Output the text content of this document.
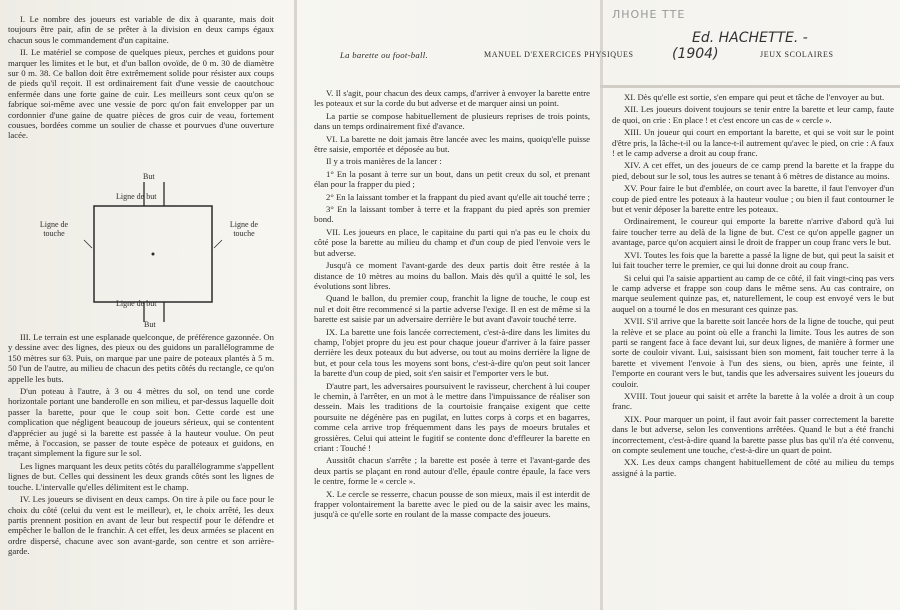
La barette ou foot-ball.	MANUEL D'EXERCICES PHYSIQUES	JEUX SCOLAIRES
ЛНОНЕ ТТЕ
Ed. HACHETTE. -
(1904)

I. Le nombre des joueurs est variable de dix à quarante, mais doit toujours être pair, afin de se prêter à la division en deux camps égaux chacun sous le commandement d'un capitaine.

II. Le matériel se compose de quelques pieux, perches et guidons pour marquer les limites et le but, et d'un ballon ovoïde, de 0 m. 30 de diamètre sur 0 m. 38. Ce ballon doit être extrêmement solide pour résister aux coups de pieds qu'il reçoit. Il est ordinairement fait d'une vessie de caoutchouc enfermée dans une forte gaine de cuir. Les meilleurs sont ceux qu'on se fabrique soi-même avec une vessie de porc qu'on fait envelopper par un cordonnier d'une gaine de quatre pièces de gros cuir de veau, fortement cousues, bordées comme un soulier de chasse et pourvues d'une ouverture lacée.

But
Ligne de but
Ligne de touche
Ligne de touche
Ligne de but
But

III. Le terrain est une esplanade quelconque, de préférence gazonnée. On y dessine avec des lignes, des pieux ou des guidons un parallélogramme de 150 mètres sur 63. Puis, on marque par une paire de poteaux plantés à 5 m. 50 l'un de l'autre, au milieu de chacun des petits côtés du rectangle, ce qu'on appelle les buts.

D'un poteau à l'autre, à 3 ou 4 mètres du sol, on tend une corde horizontale portant une banderolle en son milieu, et par-dessus laquelle doit passer la barette, pour que le coup soit bon. Cette corde est une complication que négligent beaucoup de joueurs sérieux, qui se contentent d'apprécier au jugé si la barette est passée à la hauteur voulue. On peut même, à l'occasion, se passer de toute espèce de poteaux et guidons, en traçant simplement la figure sur le sol.

Les lignes marquant les deux petits côtés du parallélogramme s'appellent lignes de but. Celles qui dessinent les deux grands côtés sont les lignes de touche. L'intervalle qu'elles délimitent est le champ.

IV. Les joueurs se divisent en deux camps. On tire à pile ou face pour le choix du côté (celui du vent est le meilleur), et, le choix arrêté, les deux partis prennent position en avant de leur but respectif pour le défendre et empêcher le ballon de le franchir. A cet effet, les deux armées se placent en ordre dispersé, chacune avec son avant-garde, son centre et son arrière-garde.

V. Il s'agit, pour chacun des deux camps, d'arriver à envoyer la barette entre les poteaux et sur la corde du but adverse et de marquer ainsi un point.

La partie se compose habituellement de plusieurs reprises de trois points, dans un temps ordinairement fixé d'avance.

VI. La barette ne doit jamais être lancée avec les mains, quoiqu'elle puisse être saisie, emportée et déposée au but.

Il y a trois manières de la lancer :

1° En la posant à terre sur un bout, dans un petit creux du sol, et prenant élan pour la frapper du pied ;

2° En la laissant tomber et la frappant du pied avant qu'elle ait touché terre ;

3° En la laissant tomber à terre et la frappant du pied après son premier bond.

VII. Les joueurs en place, le capitaine du parti qui n'a pas eu le choix du côté pose la barette au milieu du champ et d'un coup de pied l'envoie vers le but adverse.

Jusqu'à ce moment l'avant-garde des deux partis doit être restée à la distance de 10 mètres au moins du ballon. Mais dès qu'il a quitté le sol, les évolutions sont libres.

Quand le ballon, du premier coup, franchit la ligne de touche, le coup est nul et doit être recommencé si la partie adverse l'exige. Il en est de même si la barette est saisie par un adversaire derrière le but avant d'avoir touché terre.

IX. La barette une fois lancée correctement, c'est-à-dire dans les limites du champ, l'objet propre du jeu est pour chaque joueur d'arriver à la faire passer derrière les deux poteaux du but adverse, ou tout au moins derrière la ligne de but, et pour cela tous les moyens sont bons, c'est-à-dire qu'on peut soit lancer la barette d'un coup de pied, soit s'en saisir et l'emporter vers le but.

D'autre part, les adversaires poursuivent le ravisseur, cherchent à lui couper le chemin, à l'arrêter, en un mot à le mettre dans l'impuissance de réaliser son dessein. Mais les traditions de la courtoisie française exigent que cette poursuite ne dégénère pas en pugilat, en luttes corps à corps et en bagarres, comme cela arrive trop fréquemment dans les pays de moeurs brutales et grossières. Celui qui atteint le fugitif se contente donc d'effleurer la barette en criant : Touché !

Aussitôt chacun s'arrête ; la barette est posée à terre et l'avant-garde des deux partis se plaçant en rond autour d'elle, épaule contre épaule, la face vers le centre, forme le « cercle ».

X. Le cercle se resserre, chacun pousse de son mieux, mais il est interdit de frapper volontairement la barette avec le pied ou de la saisir avec les mains, jusqu'à ce qu'elle sorte en roulant de la masse compacte des joueurs.

XI. Dès qu'elle est sortie, s'en empare qui peut et tâche de l'envoyer au but.

XII. Les joueurs doivent toujours se tenir entre la barette et leur camp, faute de quoi, on crie : En place ! et c'est encore un cas de « cercle ».

XIII. Un joueur qui court en emportant la barette, et qui se voit sur le point d'être pris, la lâche-t-il ou la lance-t-il autrement qu'avec le pied, on crie : A faux ! et le camp adverse a droit au coup franc.

XIV. A cet effet, un des joueurs de ce camp prend la barette et la frappe du pied, debout sur le sol, tous les autres se tenant à 6 mètres de distance au moins.

XV. Pour faire le but d'emblée, on court avec la barette, il faut l'envoyer d'un coup de pied entre les poteaux à la hauteur voulue ; ou bien il faut contourner le but et venir déposer la barette entre les poteaux.

Ordinairement, le coureur qui emporte la barette n'arrive d'abord qu'à lui faire toucher terre au delà de la ligne de but. C'est ce qu'on appelle gagner un avantage, parce qu'on acquiert ainsi le droit de frapper un coup franc vers le but.

XVI. Toutes les fois que la barette a passé la ligne de but, qui peut la saisit et lui fait toucher terre le premier, ce qui lui donne droit au coup franc.

Si celui qui l'a saisie appartient au camp de ce côté, il fait vingt-cinq pas vers le camp adverse et frappe son coup dans le même sens. Au cas contraire, on marque seulement quinze pas, et, naturellement, le coup est envoyé vers le but auquel on a tourné le dos en mesurant ces quinze pas.

XVII. S'il arrive que la barette soit lancée hors de la ligne de touche, qui peut la relève et se place au point où elle a franchi la limite. Tous les autres de son parti se rangent face à face devant lui, sur deux lignes, de manière à former une sorte de couloir vivant. Lui, saisissant bien son moment, fait toucher terre à la barette et vivement l'envoie à l'un des siens, ou bien, après une feinte, il l'emporte en courant vers le but, tandis que les adversaires suivent les joueurs du couloir.

XVIII. Tout joueur qui saisit et arrête la barette à la volée a droit à un coup franc.

XIX. Pour marquer un point, il faut avoir fait passer correctement la barette dans le but adverse, selon les conventions arrêtées. Quand le but a été franchi incorrectement, c'est-à-dire quand la barette passe plus bas qu'il n'a été convenu, on compte seulement une touche, c'est-à-dire un quart de point.

XX. Les deux camps changent habituellement de côté au milieu du temps assigné à la partie.
